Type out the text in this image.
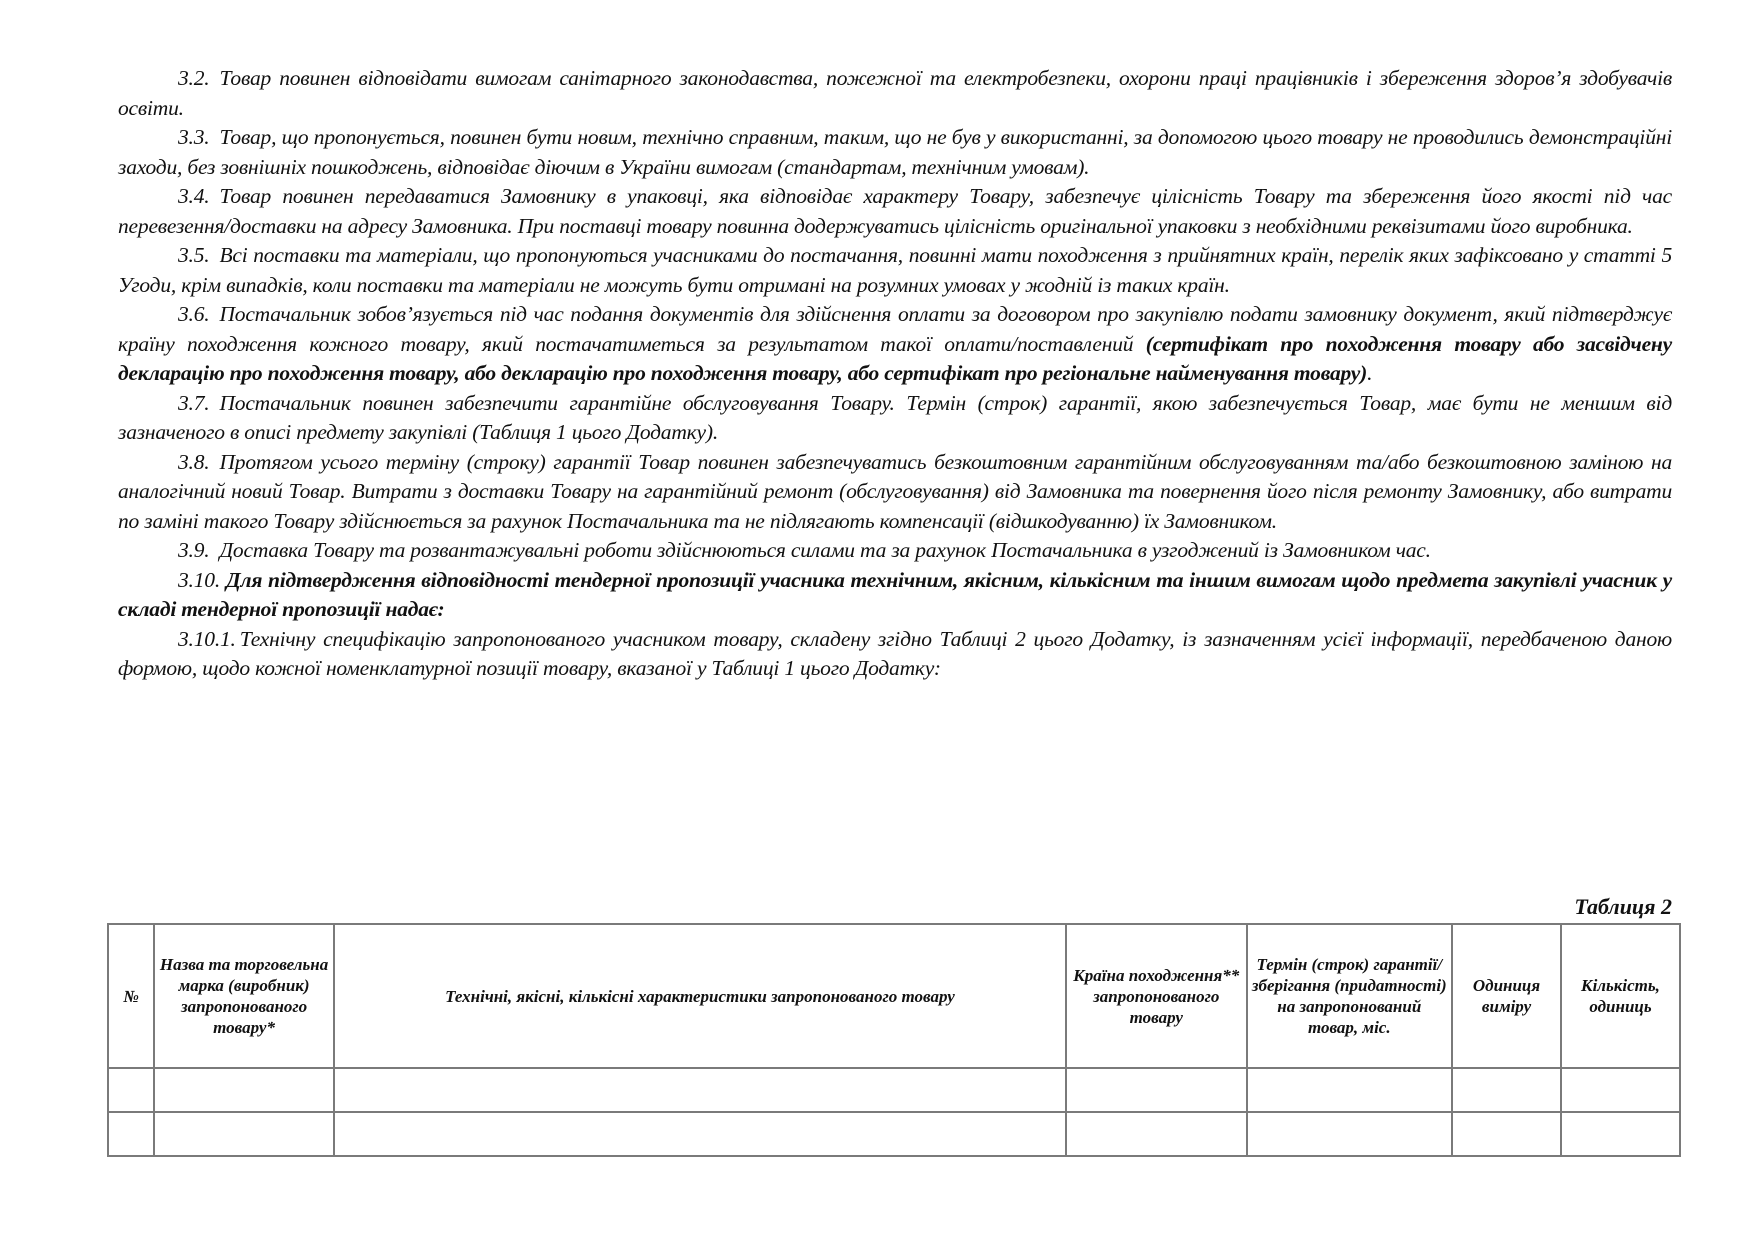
3.2. Товар повинен відповідати вимогам санітарного законодавства, пожежної та електробезпеки, охорони праці працівників і збереження здоров’я здобувачів освіти.

3.3. Товар, що пропонується, повинен бути новим, технічно справним, таким, що не був у використанні, за допомогою цього товару не проводились демонстраційні заходи, без зовнішніх пошкоджень, відповідає діючим в України вимогам (стандартам, технічним умовам).

3.4. Товар повинен передаватися Замовнику в упаковці, яка відповідає характеру Товару, забезпечує цілісність Товару та збереження його якості під час перевезення/доставки на адресу Замовника. При поставці товару повинна додержуватись цілісність оригінальної упаковки з необхідними реквізитами його виробника.

3.5. Всі поставки та матеріали, що пропонуються учасниками до постачання, повинні мати походження з прийнятних країн, перелік яких зафіксовано у статті 5 Угоди, крім випадків, коли поставки та матеріали не можуть бути отримані на розумних умовах у жодній із таких країн.

3.6. Постачальник зобов’язується під час подання документів для здійснення оплати за договором про закупівлю подати замовнику документ, який підтверджує країну походження кожного товару, який постачатиметься за результатом такої оплати/поставлений (сертифікат про походження товару або засвідчену декларацію про походження товару, або декларацію про походження товару, або сертифікат про регіональне найменування товару).

3.7. Постачальник повинен забезпечити гарантійне обслуговування Товару. Термін (строк) гарантії, якою забезпечується Товар, має бути не меншим від зазначеного в описі предмету закупівлі (Таблиця 1 цього Додатку).

3.8. Протягом усього терміну (строку) гарантії Товар повинен забезпечуватись безкоштовним гарантійним обслуговуванням та/або безкоштовною заміною на аналогічний новий Товар. Витрати з доставки Товару на гарантійний ремонт (обслуговування) від Замовника та повернення його після ремонту Замовнику, або витрати по заміні такого Товару здійснюється за рахунок Постачальника та не підлягають компенсації (відшкодуванню) їх Замовником.

3.9. Доставка Товару та розвантажувальні роботи здійснюються силами та за рахунок Постачальника в узгоджений із Замовником час.

3.10. Для підтвердження відповідності тендерної пропозиції учасника технічним, якісним, кількісним та іншим вимогам щодо предмета закупівлі учасник у складі тендерної пропозиції надає:

3.10.1. Технічну специфікацію запропонованого учасником товару, складену згідно Таблиці 2 цього Додатку, із зазначенням усієї інформації, передбаченою даною формою, щодо кожної номенклатурної позиції товару, вказаної у Таблиці 1 цього Додатку:

Таблиця 2
№	Назва та торговельна марка (виробник) запропонованого товару*	Технічні, якісні, кількісні характеристики запропонованого товару	Країна походження** запропонованого товару	Термін (строк) гарантії/зберігання (придатності) на запропонований товар, міс.	Одиниця виміру	Кількість, одиниць
